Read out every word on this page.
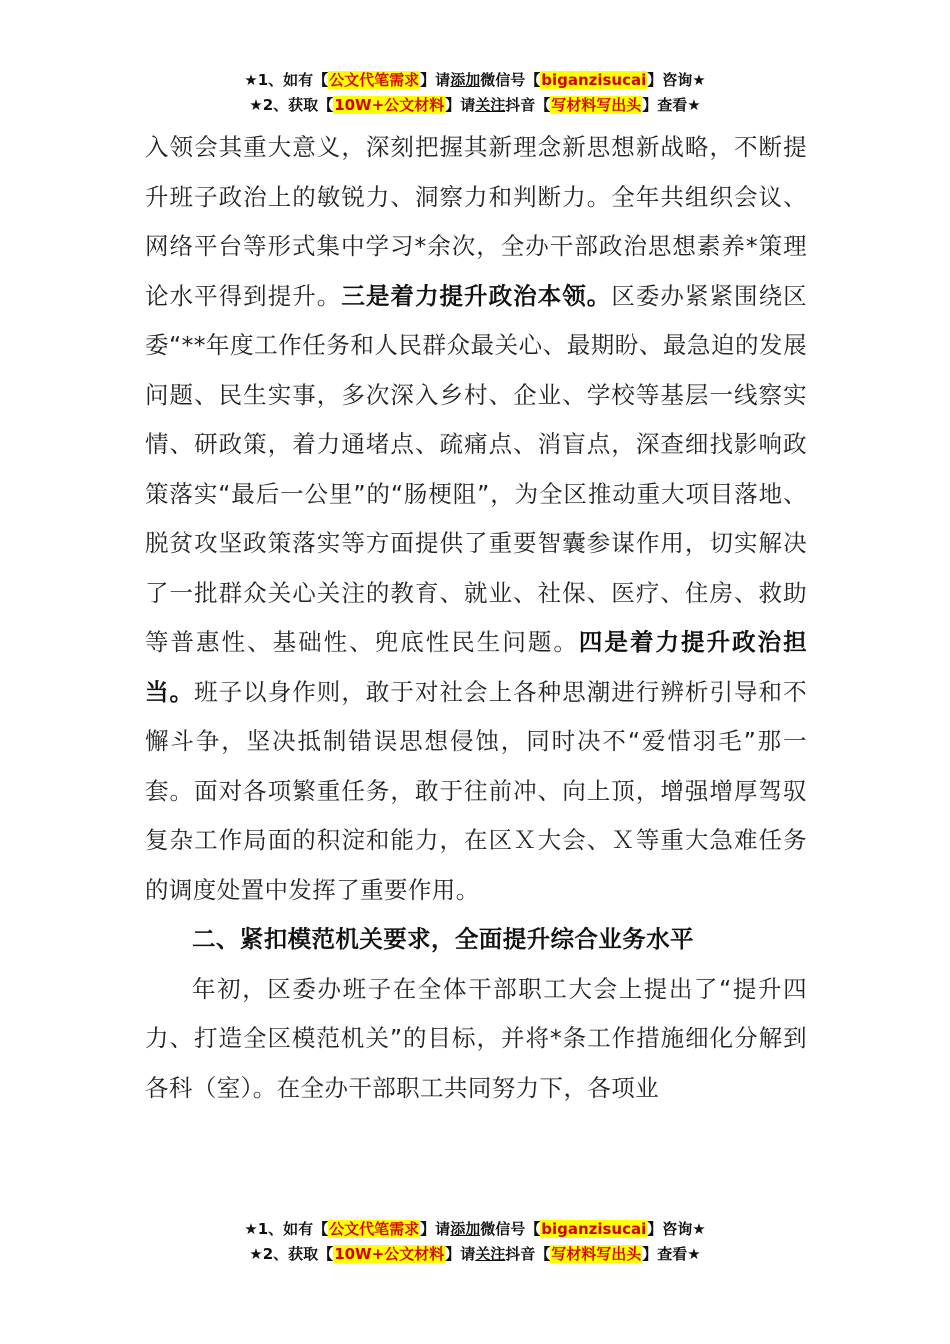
★1、如有【公文代笔需求】请添加微信号【biganzisucai】咨询★
★2、获取【10W+公文材料】请关注抖音【写材料写出头】查看★

入领会其重大意义，深刻把握其新理念新思想新战略，不断提升班子政治上的敏锐力、洞察力和判断力。全年共组织会议、网络平台等形式集中学习*余次，全办干部政治思想素养*策理论水平得到提升。三是着力提升政治本领。区委办紧紧围绕区委“**年度工作任务和人民群众最关心、最期盼、最急迫的发展问题、民生实事，多次深入乡村、企业、学校等基层一线察实情、研政策，着力通堵点、疏痛点、消盲点，深查细找影响政策落实“最后一公里”的“肠梗阻”，为全区推动重大项目落地、脱贫攻坚政策落实等方面提供了重要智囊参谋作用，切实解决了一批群众关心关注的教育、就业、社保、医疗、住房、救助等普惠性、基础性、兜底性民生问题。四是着力提升政治担当。班子以身作则，敢于对社会上各种思潮进行辨析引导和不懈斗争，坚决抵制错误思想侵蚀，同时决不“爱惜羽毛”那一套。面对各项繁重任务，敢于往前冲、向上顶，增强增厚驾驭复杂工作局面的积淀和能力，在区Ｘ大会、Ｘ等重大急难任务的调度处置中发挥了重要作用。

二、紧扣模范机关要求，全面提升综合业务水平

年初，区委办班子在全体干部职工大会上提出了“提升四力、打造全区模范机关”的目标，并将*条工作措施细化分解到各科（室）。在全办干部职工共同努力下，各项业

★1、如有【公文代笔需求】请添加微信号【biganzisucai】咨询★
★2、获取【10W+公文材料】请关注抖音【写材料写出头】查看★
